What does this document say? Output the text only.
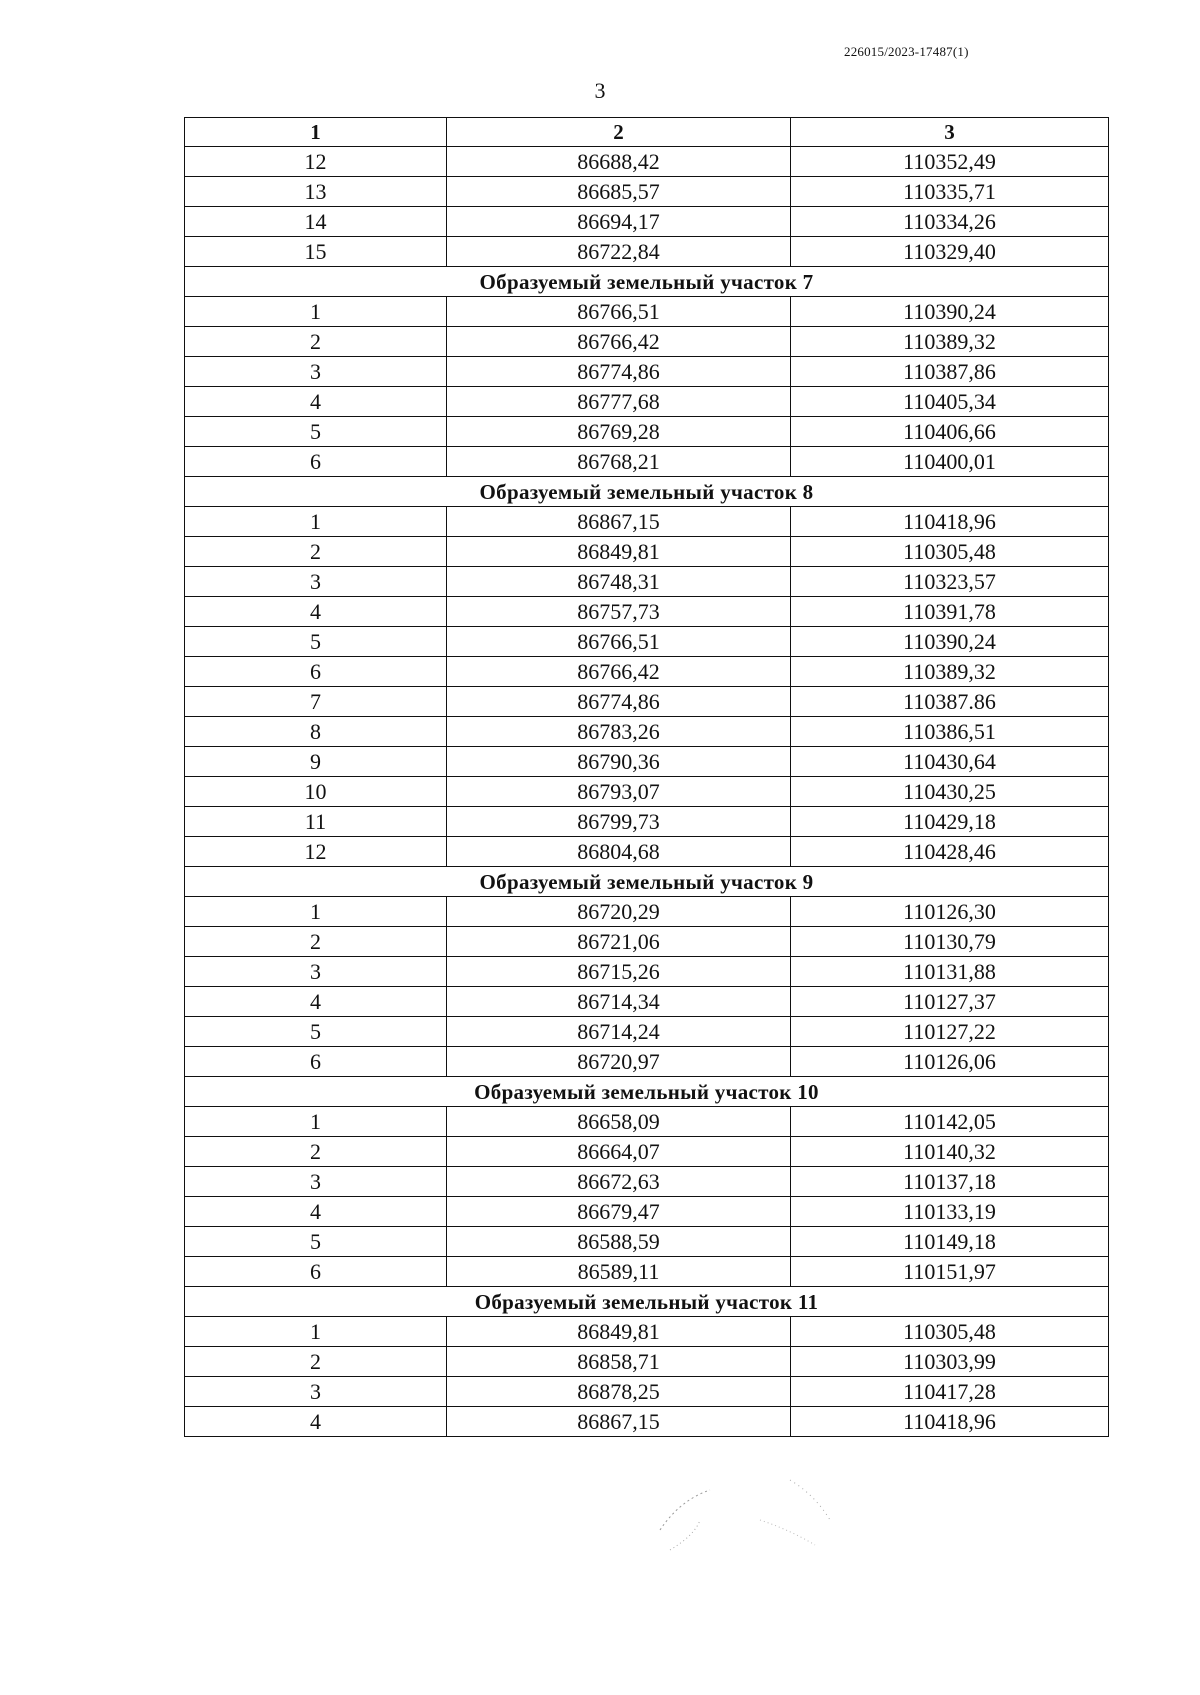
226015/2023-17487(1)
3
1	2	3
12	86688,42	110352,49
13	86685,57	110335,71
14	86694,17	110334,26
15	86722,84	110329,40
Образуемый земельный участок 7		
1	86766,51	110390,24
2	86766,42	110389,32
3	86774,86	110387,86
4	86777,68	110405,34
5	86769,28	110406,66
6	86768,21	110400,01
Образуемый земельный участок 8		
1	86867,15	110418,96
2	86849,81	110305,48
3	86748,31	110323,57
4	86757,73	110391,78
5	86766,51	110390,24
6	86766,42	110389,32
7	86774,86	110387.86
8	86783,26	110386,51
9	86790,36	110430,64
10	86793,07	110430,25
11	86799,73	110429,18
12	86804,68	110428,46
Образуемый земельный участок 9		
1	86720,29	110126,30
2	86721,06	110130,79
3	86715,26	110131,88
4	86714,34	110127,37
5	86714,24	110127,22
6	86720,97	110126,06
Образуемый земельный участок 10		
1	86658,09	110142,05
2	86664,07	110140,32
3	86672,63	110137,18
4	86679,47	110133,19
5	86588,59	110149,18
6	86589,11	110151,97
Образуемый земельный участок 11		
1	86849,81	110305,48
2	86858,71	110303,99
3	86878,25	110417,28
4	86867,15	110418,96
